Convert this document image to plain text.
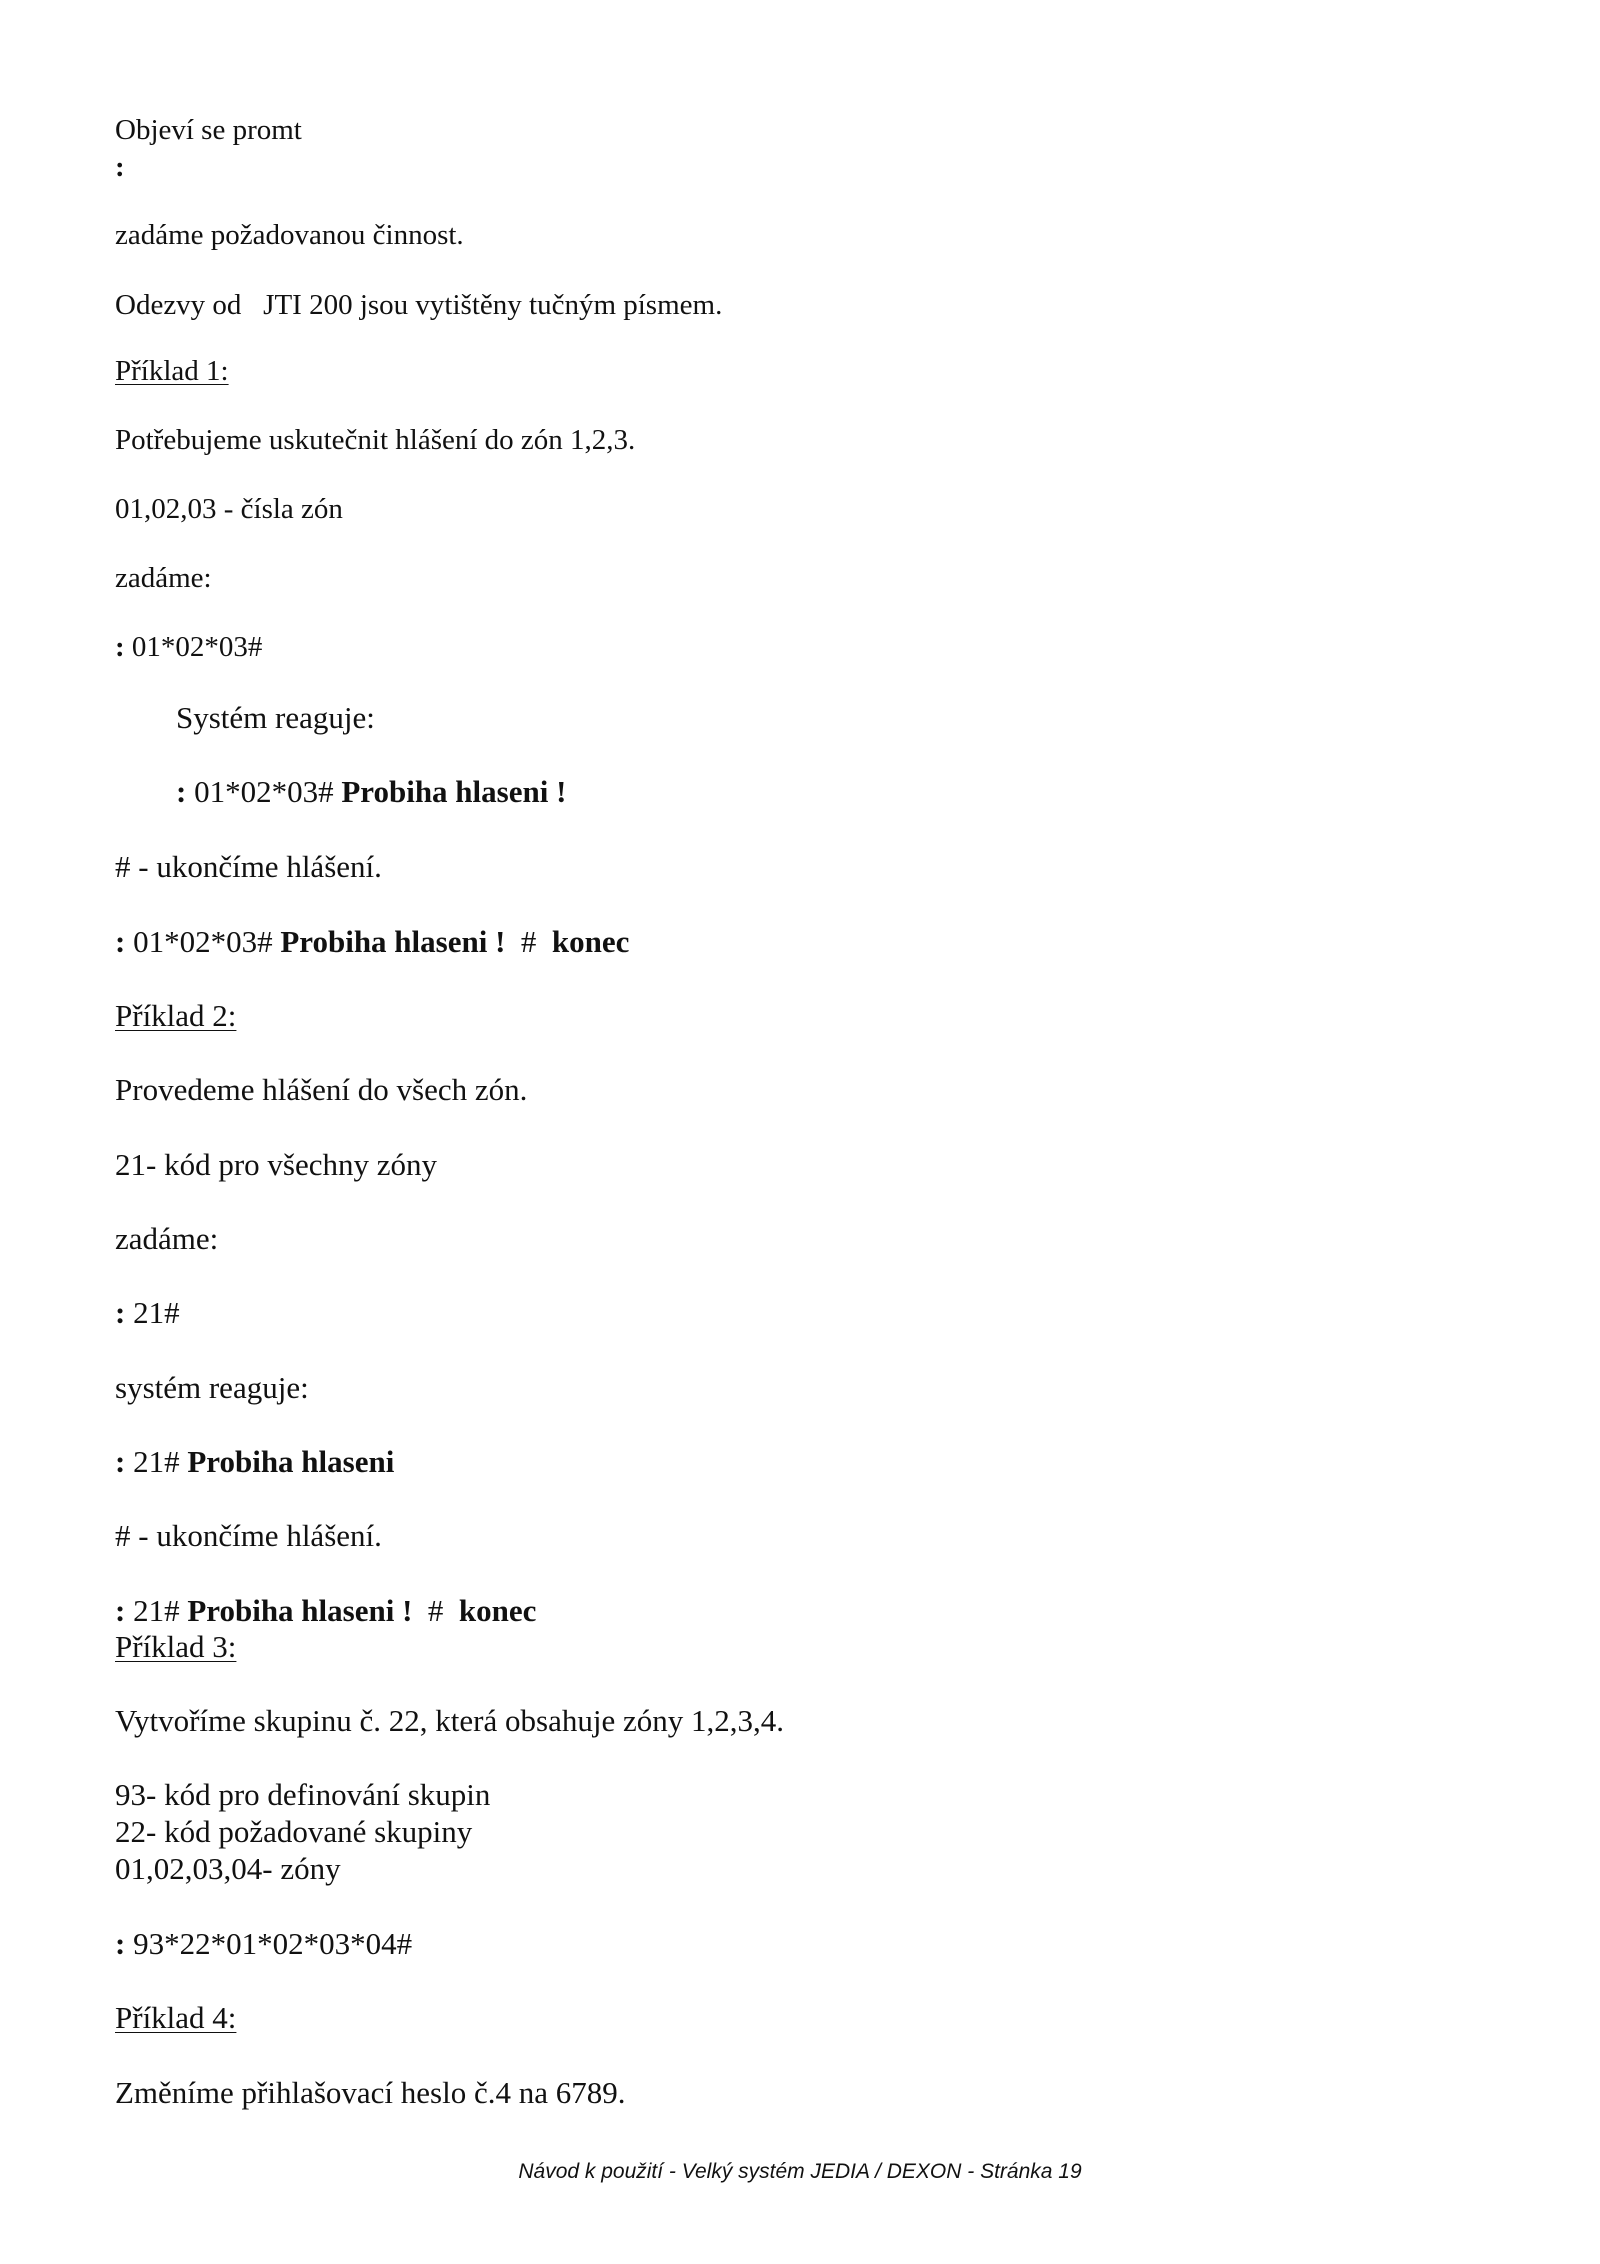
Objeví se promt
:
zadáme požadovanou činnost.
Odezvy od   JTI 200 jsou vytištěny tučným písmem.
Příklad 1:
Potřebujeme uskutečnit hlášení do zón 1,2,3.
01,02,03 - čísla zón
zadáme:
: 01*02*03#
Systém reaguje:
: 01*02*03# Probiha hlaseni !
# - ukončíme hlášení.
: 01*02*03# Probiha hlaseni !  #  konec
Příklad 2:
Provedeme hlášení do všech zón.
21- kód pro všechny zóny
zadáme:
: 21#
systém reaguje:
: 21# Probiha hlaseni
# - ukončíme hlášení.
: 21# Probiha hlaseni !  #  konec
Příklad 3:
Vytvoříme skupinu č. 22, která obsahuje zóny 1,2,3,4.
93- kód pro definování skupin
22- kód požadované skupiny
01,02,03,04- zóny
: 93*22*01*02*03*04#
Příklad 4:
Změníme přihlašovací heslo č.4 na 6789.
Návod k použití - Velký systém JEDIA / DEXON - Stránka 19
